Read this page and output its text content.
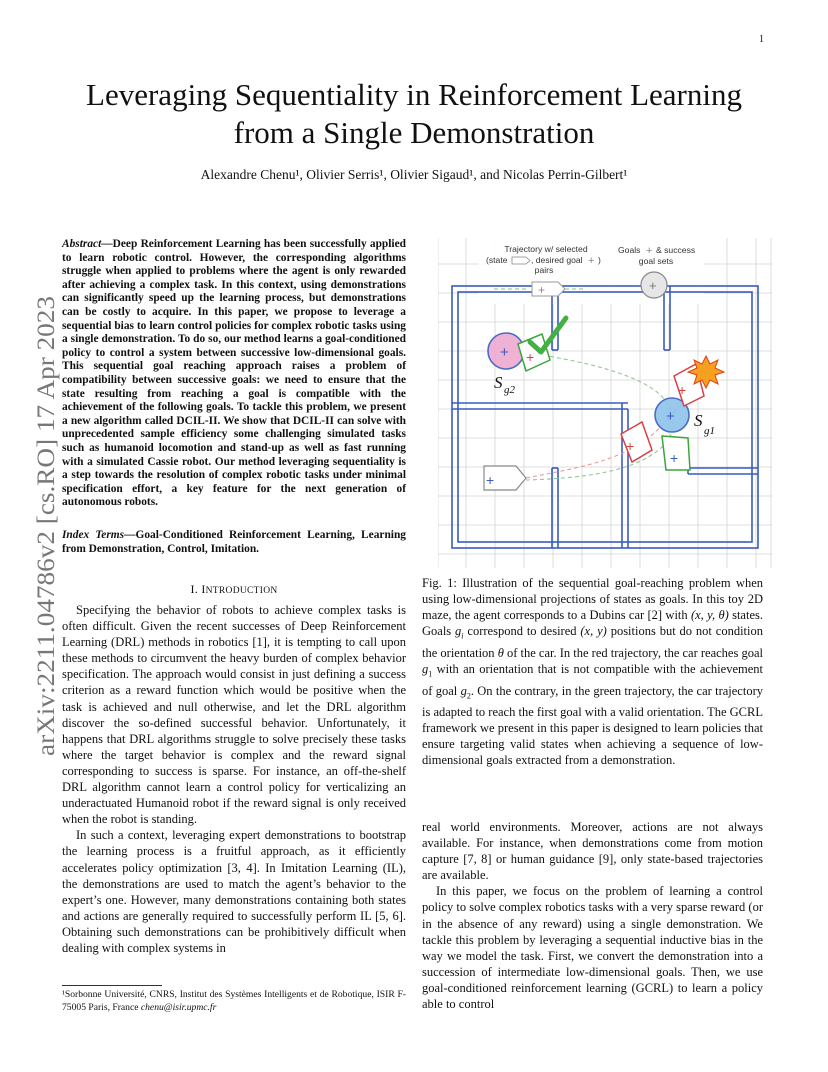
1
arXiv:2211.04786v2 [cs.RO] 17 Apr 2023
Leveraging Sequentiality in Reinforcement Learning
from a Single Demonstration
Alexandre Chenu¹, Olivier Serris¹, Olivier Sigaud¹, and Nicolas Perrin-Gilbert¹
Abstract—Deep Reinforcement Learning has been successfully applied to learn robotic control. However, the corresponding algorithms struggle when applied to problems where the agent is only rewarded after achieving a complex task. In this context, using demonstrations can significantly speed up the learning process, but demonstrations can be costly to acquire. In this paper, we propose to leverage a sequential bias to learn control policies for complex robotic tasks using a single demonstration. To do so, our method learns a goal-conditioned policy to control a system between successive low-dimensional goals. This sequential goal reaching approach raises a problem of compatibility between successive goals: we need to ensure that the state resulting from reaching a goal is compatible with the achievement of the following goals. To tackle this problem, we present a new algorithm called DCIL-II. We show that DCIL-II can solve with unprecedented sample efficiency some challenging simulated tasks such as humanoid locomotion and stand-up as well as fast running with a simulated Cassie robot. Our method leveraging sequentiality is a step towards the resolution of complex robotic tasks under minimal specification effort, a key feature for the next generation of autonomous robots.
Index Terms—Goal-Conditioned Reinforcement Learning, Learning from Demonstration, Control, Imitation.
I. INTRODUCTION

Specifying the behavior of robots to achieve complex tasks is often difficult. Given the recent successes of Deep Reinforcement Learning (DRL) methods in robotics [1], it is tempting to call upon these methods to circumvent the heavy burden of complex behavior specification. The approach would consist in just defining a success criterion as a reward function which would be positive when the task is achieved and null otherwise, and let the DRL algorithm discover the so-defined successful behavior. Unfortunately, it happens that DRL algorithms struggle to solve precisely these tasks where the target behavior is complex and the reward signal corresponding to success is sparse. For instance, an off-the-shelf DRL algorithm cannot learn a control policy for verticalizing an underactuated Humanoid robot if the reward signal is only received when the robot is standing.

In such a context, leveraging expert demonstrations to bootstrap the learning process is a fruitful approach, as it efficiently accelerates policy optimization [3, 4]. In Imitation Learning (IL), the demonstrations are used to match the agent’s behavior to the expert’s one. However, many demonstrations containing both states and actions are generally required to successfully perform IL [5, 6]. Obtaining such demonstrations can be prohibitively difficult when dealing with complex systems in

¹Sorbonne Université, CNRS, Institut des Systèmes Intelligents et de Robotique, ISIR F-75005 Paris, France chenu@isir.upmc.fr
Trajectory w/ selected
(state	, desired goal + )
pairs
Goals + & success
goal sets
+	+
+
+
+
+
+
+
+
S g2
S
g1
Fig. 1: Illustration of the sequential goal-reaching problem when using low-dimensional projections of states as goals. In this toy 2D maze, the agent corresponds to a Dubins car [2] with (x, y, θ) states. Goals $g_i$ correspond to desired (x, y) positions but do not condition the orientation θ of the car. In the red trajectory, the car reaches goal $g_1$ with an orientation that is not compatible with the achievement of goal $g_2$. On the contrary, in the green trajectory, the car trajectory is adapted to reach the first goal with a valid orientation. The GCRL framework we present in this paper is designed to learn policies that ensure targeting valid states when achieving a sequence of low-dimensional goals extracted from a demonstration.

real world environments. Moreover, actions are not always available. For instance, when demonstrations come from motion capture [7, 8] or human guidance [9], only state-based trajectories are available.

In this paper, we focus on the problem of learning a control policy to solve complex robotics tasks with a very sparse reward (or in the absence of any reward) using a single demonstration. We tackle this problem by leveraging a sequential inductive bias in the way we model the task. First, we convert the demonstration into a succession of intermediate low-dimensional goals. Then, we use goal-conditioned reinforcement learning (GCRL) to learn a policy able to control
